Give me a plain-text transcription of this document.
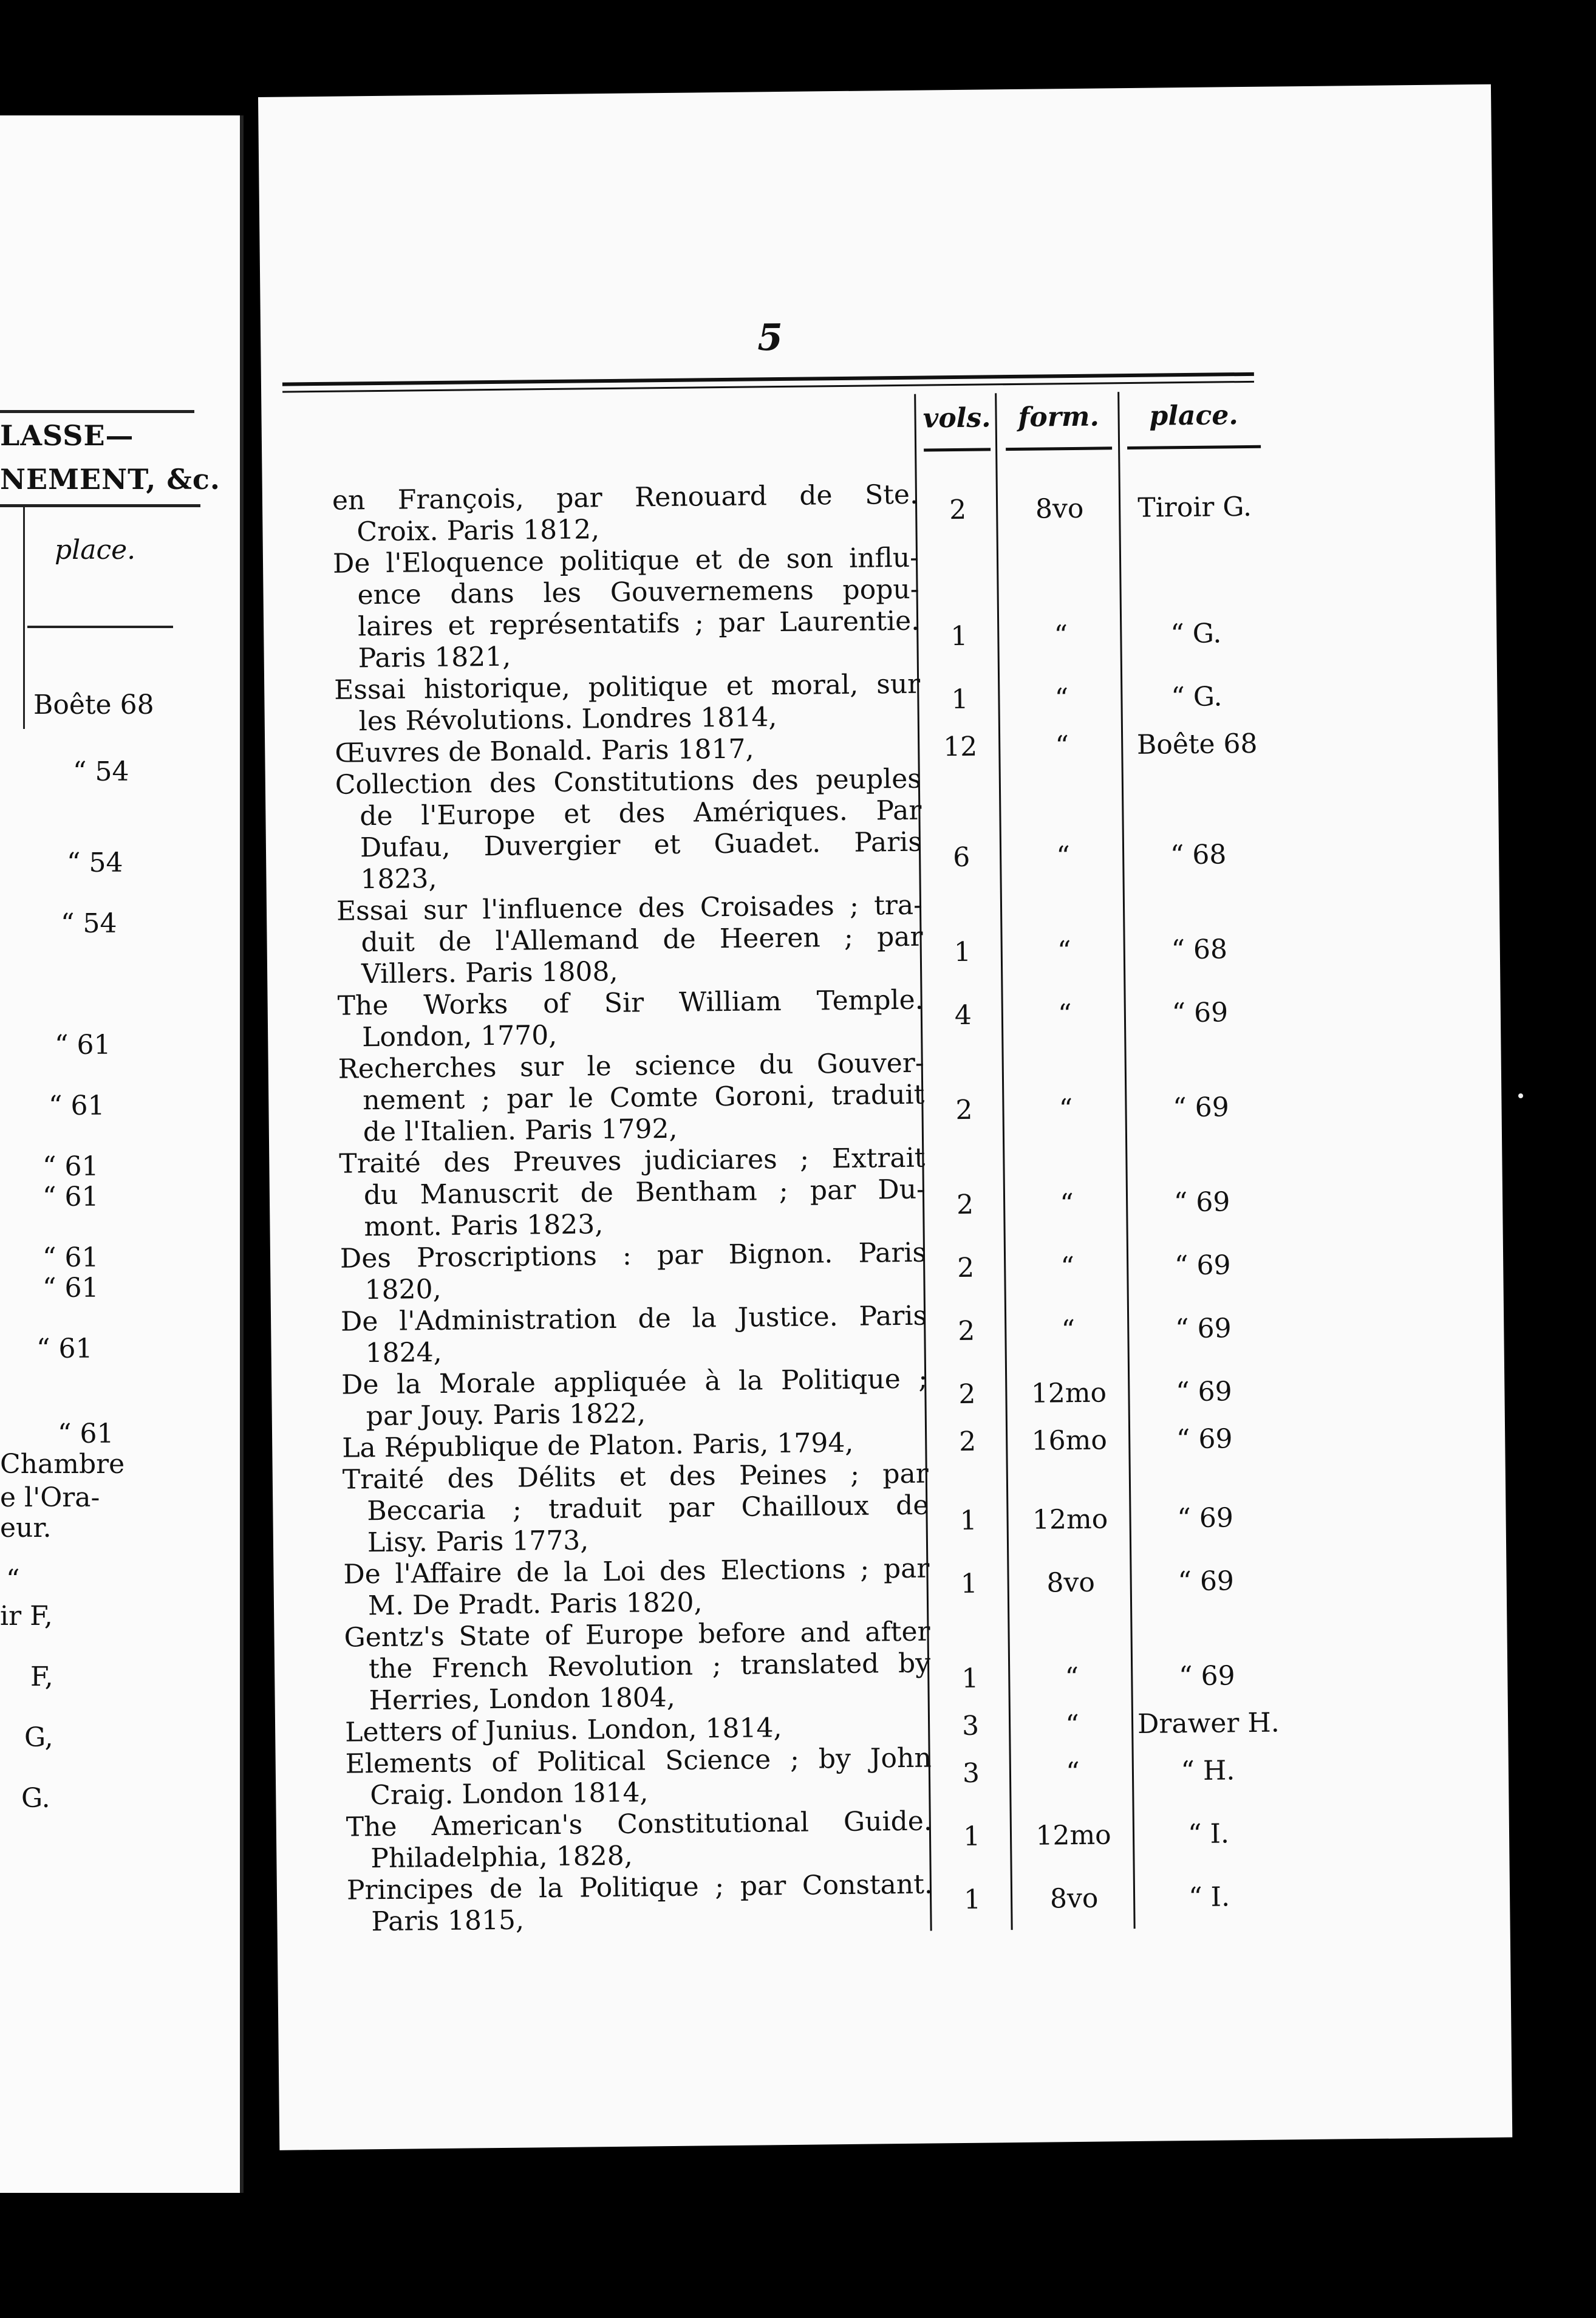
LASSE—
NEMENT, &c.
place.
Boête 68
“ 54
“ 54
“ 54
“ 61
“ 61
“ 61
“ 61
“ 61
“ 61
“ 61
“ 61
Chambre
e l'Ora-
eur.
“
ir F,
F,
G,
G.
5
vols.	form.	place.
en François, par Renouard de Ste.
Croix. Paris 1812,
2	8vo	Tiroir G.
De l'Eloquence politique et de son influ-
ence dans les Gouvernemens popu-
laires et représentatifs ; par Laurentie.
Paris 1821,
1	“	“ G.
Essai historique, politique et moral, sur
les Révolutions. Londres 1814,
1	“	“ G.
Œuvres de Bonald. Paris 1817,	12	“	Boête 68
Collection des Constitutions des peuples
de l'Europe et des Amériques. Par
Dufau, Duvergier et Guadet. Paris
1823,
6	“	“ 68
Essai sur l'influence des Croisades ; tra-
duit de l'Allemand de Heeren ; par
Villers. Paris 1808,
1	“	“ 68
The Works of Sir William Temple.
London, 1770,
4	“	“ 69
Recherches sur le science du Gouver-
nement ; par le Comte Goroni, traduit
de l'Italien. Paris 1792,
2	“	“ 69
Traité des Preuves judiciares ; Extrait
du Manuscrit de Bentham ; par Du-
mont. Paris 1823,
2	“	“ 69
Des Proscriptions : par Bignon. Paris
1820,
2	“	“ 69
De l'Administration de la Justice. Paris
1824,
2	“	“ 69
De la Morale appliquée à la Politique ;
par Jouy. Paris 1822,
2	12mo	“ 69
La République de Platon. Paris, 1794,	2	16mo	“ 69
Traité des Délits et des Peines ; par
Beccaria ; traduit par Chailloux de
Lisy. Paris 1773,
1	12mo	“ 69
De l'Affaire de la Loi des Elections ; par
M. De Pradt. Paris 1820,
1	8vo	“ 69
Gentz's State of Europe before and after
the French Revolution ; translated by
Herries, London 1804,
1	“	“ 69
Letters of Junius. London, 1814,	3	“	Drawer H.
Elements of Political Science ; by John
Craig. London 1814,
3	“	“ H.
The American's Constitutional Guide.
Philadelphia, 1828,
1	12mo	“ I.
Principes de la Politique ; par Constant.
Paris 1815,
1	8vo	“ I.
